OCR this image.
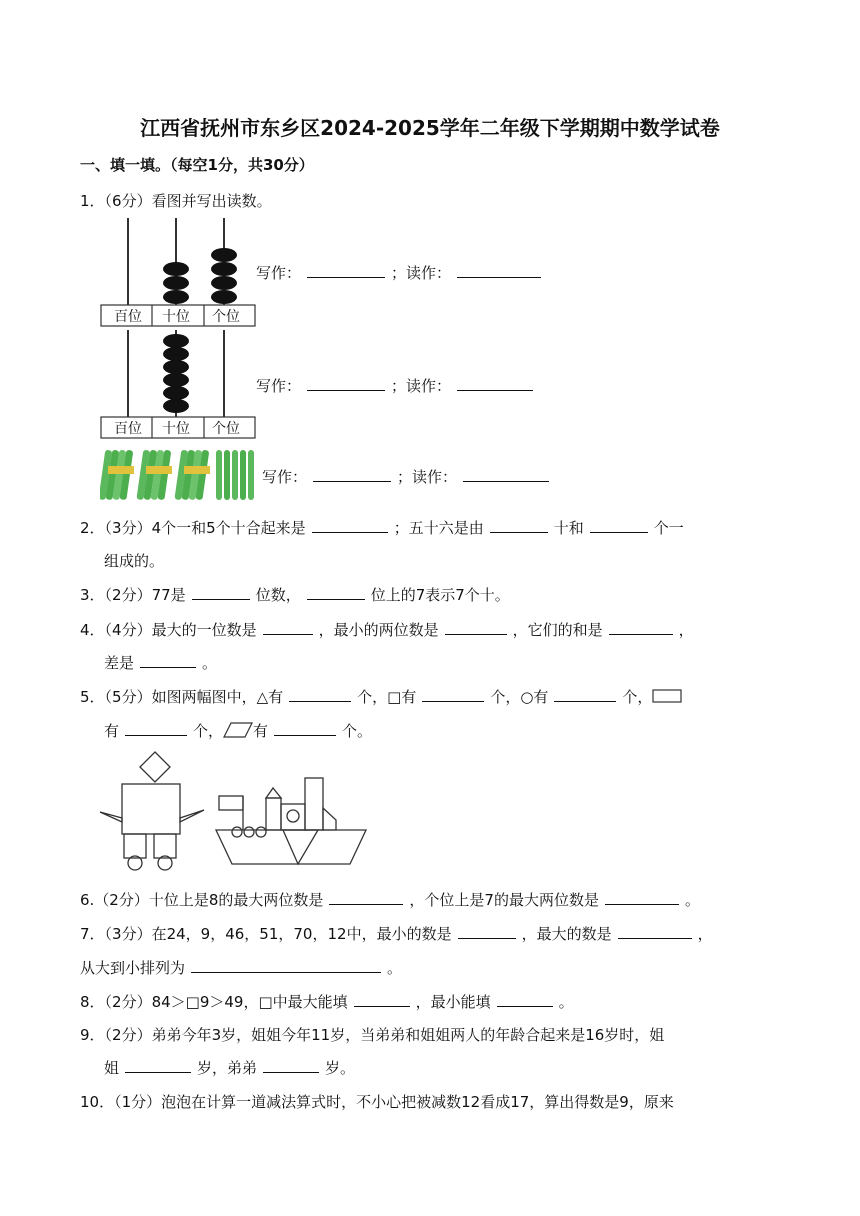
江西省抚州市东乡区2024-2025学年二年级下学期期中数学试卷
一、填一填。（每空1分，共30分）
1．（6分）看图并写出读数。
百位 十位 个位
写作：	；读作：
百位 十位 个位
写作：	；读作：
写作：	；读作：
2．（3分）4个一和5个十合起来是	；五十六是由	十和	个一
组成的。
3．（2分）77是	位数，	位上的7表示7个十。
4．（4分）最大的一位数是	，最小的两位数是	，它们的和是	，
差是	。
5．（5分）如图两幅图中，△有	个，□有	个，○有	个，
有	个， 有	个。
6.（2分）十位上是8的最大两位数是	，个位上是7的最大两位数是	。
7．（3分）在24，9，46，51，70，12中，最小的数是	，最大的数是	，
从大到小排列为	。
8．（2分）84＞□9＞49，□中最大能填	，最小能填	。
9．（2分）弟弟今年3岁，姐姐今年11岁，当弟弟和姐姐两人的年龄合起来是16岁时，姐
姐	岁，弟弟	岁。
10．（1分）泡泡在计算一道减法算式时，不小心把被减数12看成17，算出得数是9，原来
